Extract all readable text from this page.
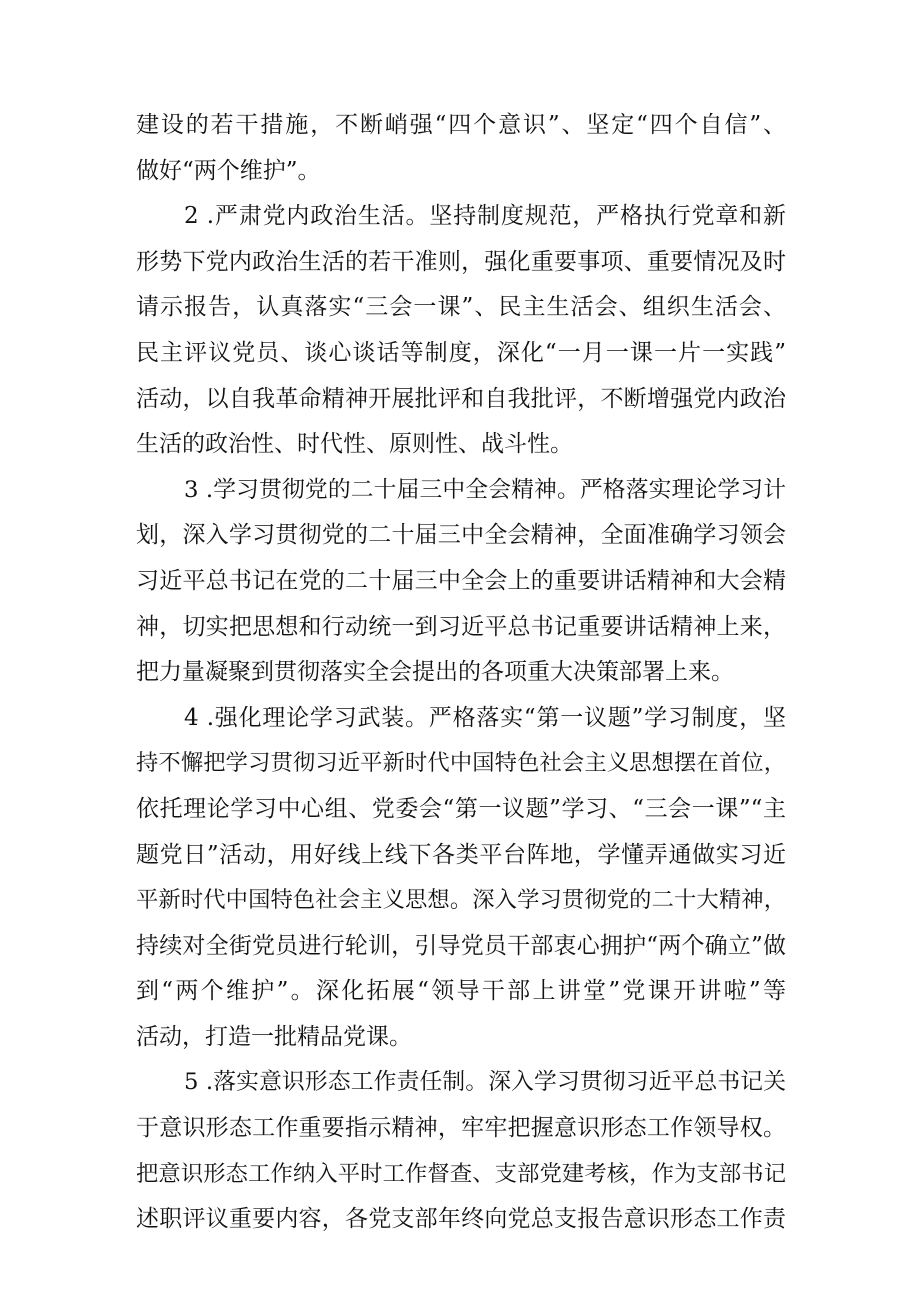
建设的若干措施，不断峭强“四个意识”、坚定“四个自信”、
做好“两个维护”。
2 .严肃党内政治生活。坚持制度规范，严格执行党章和新
形势下党内政治生活的若干准则，强化重要事项、重要情况及时
请示报告，认真落实“三会一课”、民主生活会、组织生活会、
民主评议党员、谈心谈话等制度，深化“一月一课一片一实践”
活动，以自我革命精神开展批评和自我批评，不断增强党内政治
生活的政治性、时代性、原则性、战斗性。
3 .学习贯彻党的二十届三中全会精神。严格落实理论学习计
划，深入学习贯彻党的二十届三中全会精神，全面准确学习领会
习近平总书记在党的二十届三中全会上的重要讲话精神和大会精
神，切实把思想和行动统一到习近平总书记重要讲话精神上来，
把力量凝聚到贯彻落实全会提出的各项重大决策部署上来。
4 .强化理论学习武装。严格落实“第一议题”学习制度，坚
持不懈把学习贯彻习近平新时代中国特色社会主义思想摆在首位，
依托理论学习中心组、党委会“第一议题”学习、“三会一课”“主
题党日”活动，用好线上线下各类平台阵地，学懂弄通做实习近
平新时代中国特色社会主义思想。深入学习贯彻党的二十大精神，
持续对全街党员进行轮训，引导党员干部衷心拥护“两个确立”做
到“两个维护”。深化拓展“领导干部上讲堂”党课开讲啦”等
活动，打造一批精品党课。
5 .落实意识形态工作责任制。深入学习贯彻习近平总书记关
于意识形态工作重要指示精神，牢牢把握意识形态工作领导权。
把意识形态工作纳入平时工作督查、支部党建考核，作为支部书记
述职评议重要内容，各党支部年终向党总支报告意识形态工作责
